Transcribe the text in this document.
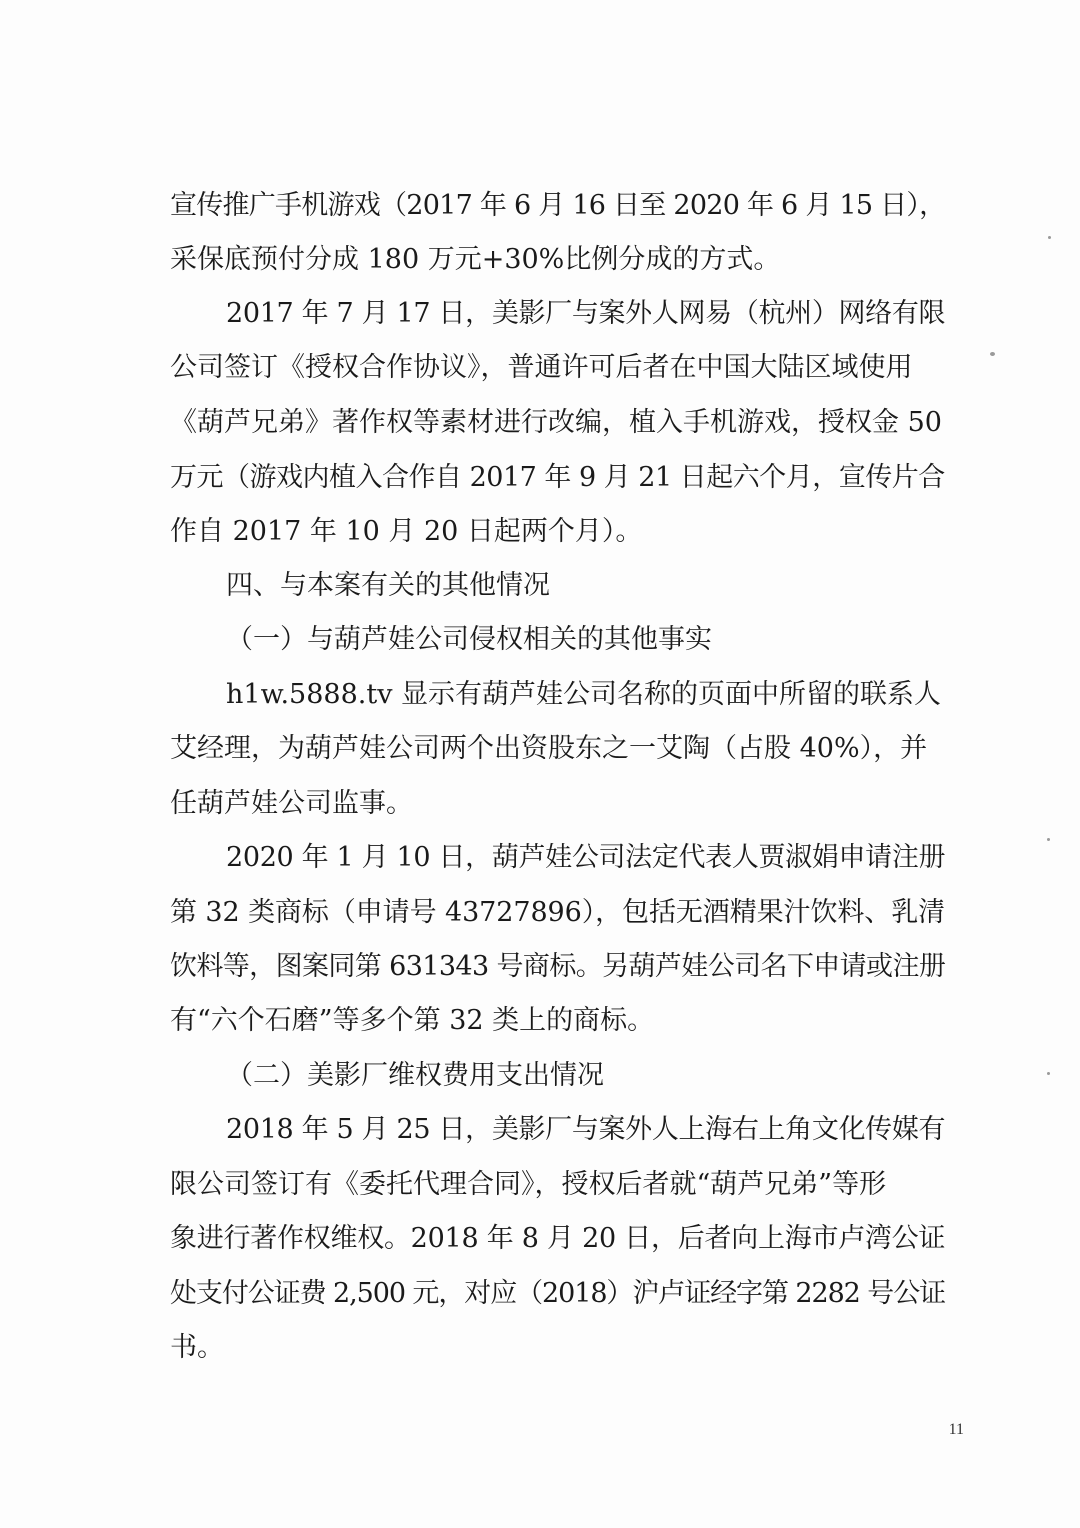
宣传推广手机游戏（2017 年 6 月 16 日至 2020 年 6 月 15 日），
采保底预付分成 180 万元+30%比例分成的方式。
2017 年 7 月 17 日，美影厂与案外人网易（杭州）网络有限
公司签订《授权合作协议》，普通许可后者在中国大陆区域使用
《葫芦兄弟》著作权等素材进行改编，植入手机游戏，授权金 50
万元（游戏内植入合作自 2017 年 9 月 21 日起六个月，宣传片合
作自 2017 年 10 月 20 日起两个月）。
四、与本案有关的其他情况
（一）与葫芦娃公司侵权相关的其他事实
h1w.5888.tv 显示有葫芦娃公司名称的页面中所留的联系人
艾经理，为葫芦娃公司两个出资股东之一艾陶（占股 40%），并
任葫芦娃公司监事。
2020 年 1 月 10 日，葫芦娃公司法定代表人贾淑娟申请注册
第 32 类商标（申请号 43727896），包括无酒精果汁饮料、乳清
饮料等，图案同第 631343 号商标。另葫芦娃公司名下申请或注册
有“六个石磨”等多个第 32 类上的商标。
（二）美影厂维权费用支出情况
2018 年 5 月 25 日，美影厂与案外人上海右上角文化传媒有
限公司签订有《委托代理合同》，授权后者就“葫芦兄弟”等形
象进行著作权维权。2018 年 8 月 20 日，后者向上海市卢湾公证
处支付公证费 2,500 元，对应（2018）沪卢证经字第 2282 号公证
书。
11
